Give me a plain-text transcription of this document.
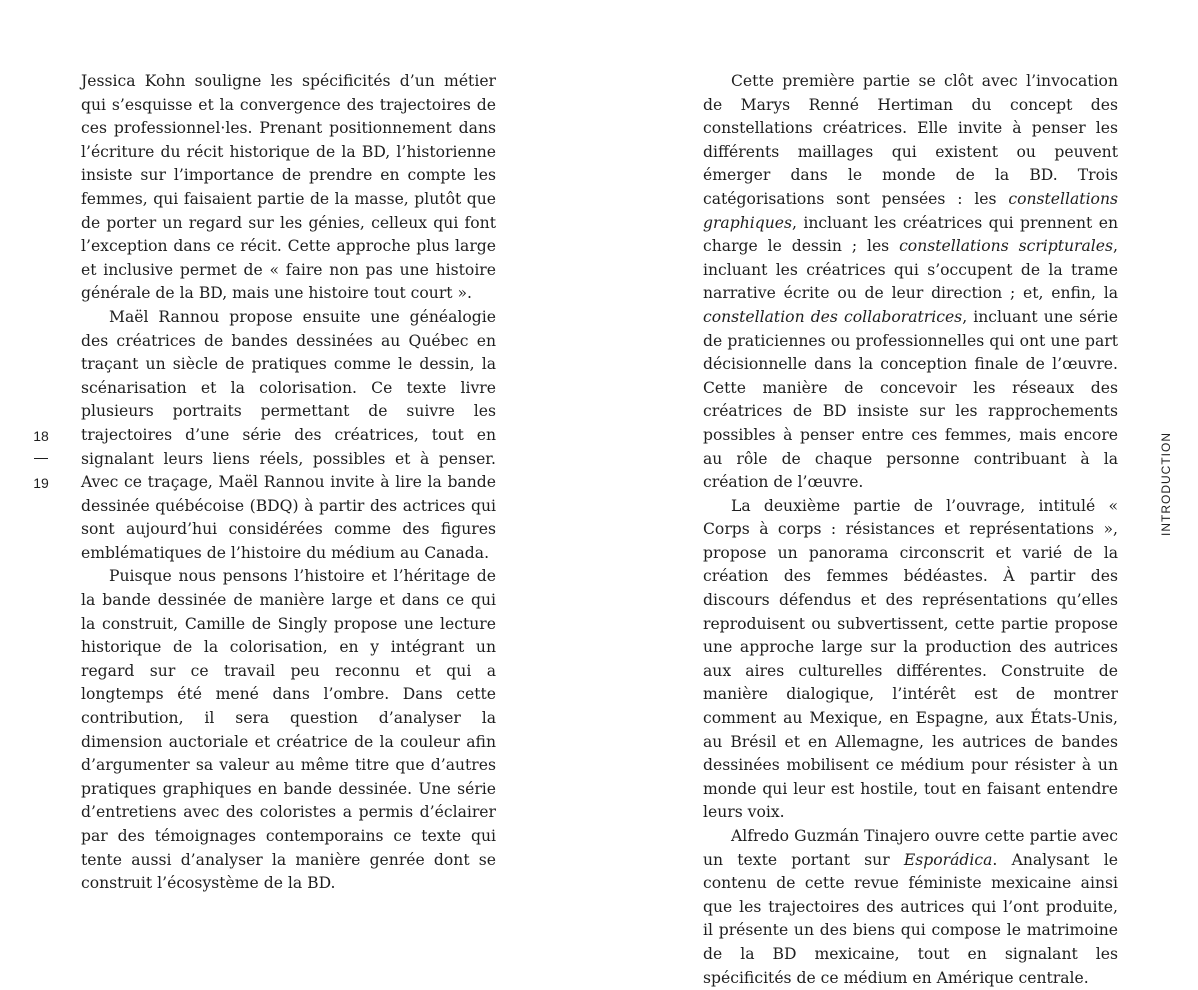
Jessica Kohn souligne les spécificités d’un métier qui s’esquisse et la convergence des trajectoires de ces professionnel·les. Prenant positionnement dans l’écriture du récit historique de la BD, l’historienne insiste sur l’importance de prendre en compte les femmes, qui faisaient partie de la masse, plutôt que de porter un regard sur les génies, celleux qui font l’exception dans ce récit. Cette approche plus large et inclusive permet de « faire non pas une histoire générale de la BD, mais une histoire tout court ».

Maël Rannou propose ensuite une généalogie des créatrices de bandes dessinées au Québec en traçant un siècle de pratiques comme le dessin, la scénarisation et la colorisation. Ce texte livre plusieurs portraits permettant de suivre les trajectoires d’une série des créatrices, tout en signalant leurs liens réels, possibles et à penser. Avec ce traçage, Maël Rannou invite à lire la bande dessinée québécoise (BDQ) à partir des actrices qui sont aujourd’hui considérées comme des figures emblématiques de l’histoire du médium au Canada.

Puisque nous pensons l’histoire et l’héritage de la bande dessinée de manière large et dans ce qui la construit, Camille de Singly propose une lecture historique de la colorisation, en y intégrant un regard sur ce travail peu reconnu et qui a longtemps été mené dans l’ombre. Dans cette contribution, il sera question d’analyser la dimension auctoriale et créatrice de la couleur afin d’argumenter sa valeur au même titre que d’autres pratiques graphiques en bande dessinée. Une série d’entretiens avec des coloristes a permis d’éclairer par des témoignages contemporains ce texte qui tente aussi d’analyser la manière genrée dont se construit l’écosystème de la BD.

Cette première partie se clôt avec l’invocation de Marys Renné Hertiman du concept des constellations créatrices. Elle invite à penser les différents maillages qui existent ou peuvent émerger dans le monde de la BD. Trois catégorisations sont pensées : les constellations graphiques, incluant les créatrices qui prennent en charge le dessin ; les constellations scripturales, incluant les créatrices qui s’occupent de la trame narrative écrite ou de leur direction ; et, enfin, la constellation des collaboratrices, incluant une série de praticiennes ou professionnelles qui ont une part décisionnelle dans la conception finale de l’œuvre. Cette manière de concevoir les réseaux des créatrices de BD insiste sur les rapprochements possibles à penser entre ces femmes, mais encore au rôle de chaque personne contribuant à la création de l’œuvre.

La deuxième partie de l’ouvrage, intitulé « Corps à corps : résistances et représentations », propose un panorama circonscrit et varié de la création des femmes bédéastes. À partir des discours défendus et des représentations qu’elles reproduisent ou subvertissent, cette partie propose une approche large sur la production des autrices aux aires culturelles différentes. Construite de manière dialogique, l’intérêt est de montrer comment au Mexique, en Espagne, aux États-Unis, au Brésil et en Allemagne, les autrices de bandes dessinées mobilisent ce médium pour résister à un monde qui leur est hostile, tout en faisant entendre leurs voix.

Alfredo Guzmán Tinajero ouvre cette partie avec un texte portant sur Esporádica. Analysant le contenu de cette revue féministe mexicaine ainsi que les trajectoires des autrices qui l’ont produite, il présente un des biens qui compose le matrimoine de la BD mexicaine, tout en signalant les spécificités de ce médium en Amérique centrale.

18
19	INTRODUCTION
